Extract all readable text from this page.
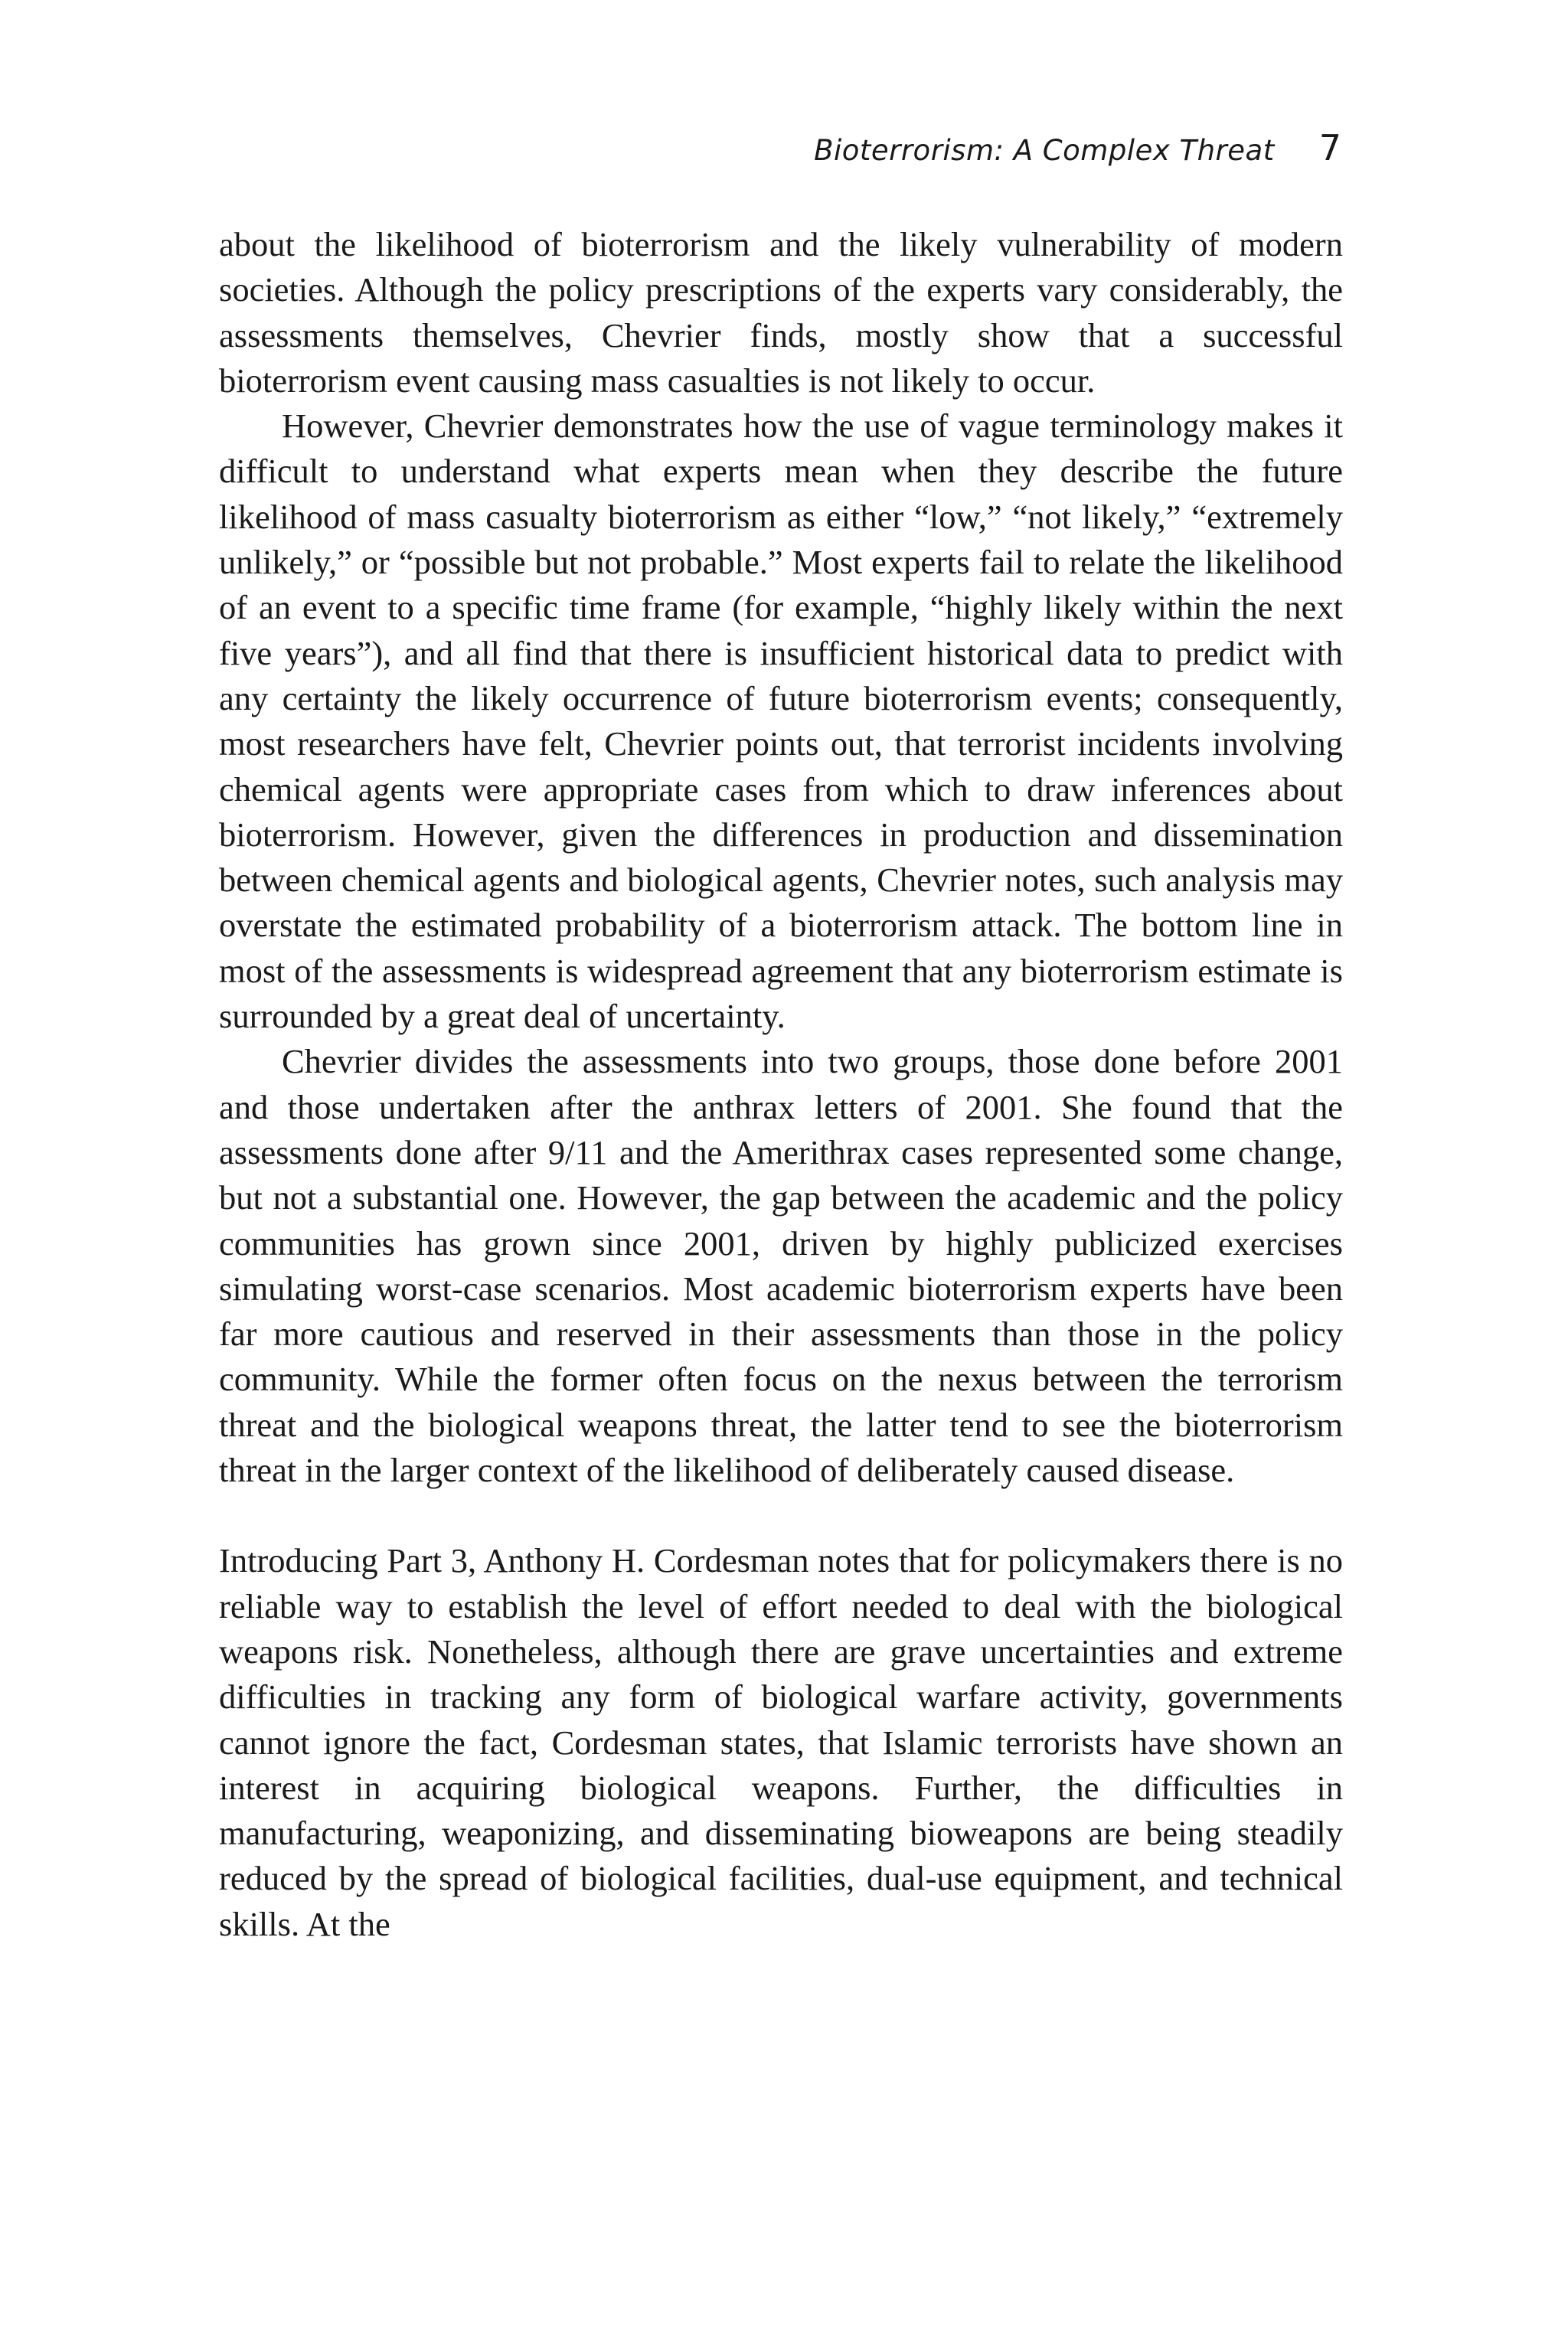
Bioterrorism: A Complex Threat 7

about the likelihood of bioterrorism and the likely vulnerability of modern societies. Although the policy prescriptions of the experts vary considerably, the assessments themselves, Chevrier finds, mostly show that a successful bioterrorism event causing mass casualties is not likely to occur.

However, Chevrier demonstrates how the use of vague terminology makes it difficult to understand what experts mean when they describe the future likelihood of mass casualty bioterrorism as either “low,” “not likely,” “extremely unlikely,” or “possible but not probable.” Most experts fail to relate the likelihood of an event to a specific time frame (for example, “highly likely within the next five years”), and all find that there is insufficient historical data to predict with any certainty the likely occurrence of future bioterrorism events; consequently, most researchers have felt, Chevrier points out, that terrorist incidents involving chemical agents were appropriate cases from which to draw inferences about bioterrorism. However, given the differences in production and dissemination between chemical agents and biological agents, Chevrier notes, such analysis may overstate the estimated probability of a bioterrorism attack. The bottom line in most of the assessments is widespread agreement that any bioterrorism estimate is surrounded by a great deal of uncertainty.

Chevrier divides the assessments into two groups, those done before 2001 and those undertaken after the anthrax letters of 2001. She found that the assessments done after 9/11 and the Amerithrax cases represented some change, but not a substantial one. However, the gap between the academic and the policy communities has grown since 2001, driven by highly publicized exercises simulating worst-case scenarios. Most academic bioterrorism experts have been far more cautious and reserved in their assessments than those in the policy community. While the former often focus on the nexus between the terrorism threat and the biological weapons threat, the latter tend to see the bioterrorism threat in the larger context of the likelihood of deliberately caused disease.

Introducing Part 3, Anthony H. Cordesman notes that for policymakers there is no reliable way to establish the level of effort needed to deal with the biological weapons risk. Nonetheless, although there are grave uncertainties and extreme difficulties in tracking any form of biological warfare activity, governments cannot ignore the fact, Cordesman states, that Islamic terrorists have shown an interest in acquiring biological weapons. Further, the difficulties in manufacturing, weaponizing, and disseminating bioweapons are being steadily reduced by the spread of biological facilities, dual-use equipment, and technical skills. At the
